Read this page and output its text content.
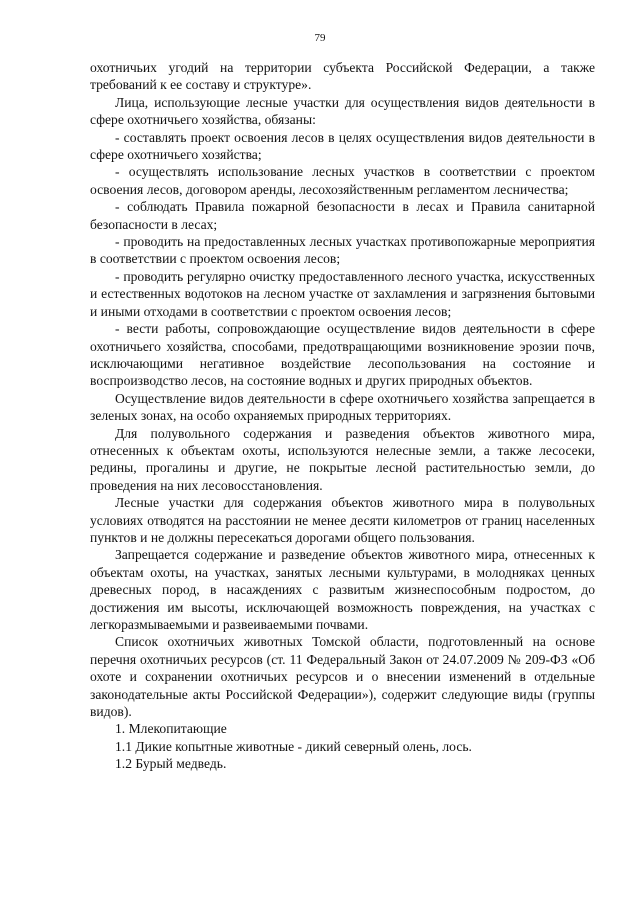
79

охотничьих угодий на территории субъекта Российской Федерации, а также требований к ее составу и структуре».

Лица, использующие лесные участки для осуществления видов деятельности в сфере охотничьего хозяйства, обязаны:

- составлять проект освоения лесов в целях осуществления видов деятельности в сфере охотничьего хозяйства;

- осуществлять использование лесных участков в соответствии с проектом освоения лесов, договором аренды, лесохозяйственным регламентом лесничества;

- соблюдать Правила пожарной безопасности в лесах и Правила санитарной безопасности в лесах;

- проводить на предоставленных лесных участках противопожарные мероприятия в соответствии с проектом освоения лесов;

- проводить регулярно очистку предоставленного лесного участка, искусственных и естественных водотоков на лесном участке от захламления и загрязнения бытовыми и иными отходами в соответствии с проектом освоения лесов;

- вести работы, сопровождающие осуществление видов деятельности в сфере охотничьего хозяйства, способами, предотвращающими возникновение эрозии почв, исключающими негативное воздействие лесопользования на состояние и воспроизводство лесов, на состояние водных и других природных объектов.

Осуществление видов деятельности в сфере охотничьего хозяйства запрещается в зеленых зонах, на особо охраняемых природных территориях.

Для полувольного содержания и разведения объектов животного мира, отнесенных к объектам охоты, используются нелесные земли, а также лесосеки, редины, прогалины и другие, не покрытые лесной растительностью земли, до проведения на них лесовосстановления.

Лесные участки для содержания объектов животного мира в полувольных условиях отводятся на расстоянии не менее десяти километров от границ населенных пунктов и не должны пересекаться дорогами общего пользования.

Запрещается содержание и разведение объектов животного мира, отнесенных к объектам охоты, на участках, занятых лесными культурами, в молодняках ценных древесных пород, в насаждениях с развитым жизнеспособным подростом, до достижения им высоты, исключающей возможность повреждения, на участках с легкоразмываемыми и развеиваемыми почвами.

Список охотничьих животных Томской области, подготовленный на основе перечня охотничьих ресурсов (ст. 11 Федеральный Закон от 24.07.2009 № 209-ФЗ «Об охоте и сохранении охотничьих ресурсов и о внесении изменений в отдельные законодательные акты Российской Федерации»), содержит следующие виды (группы видов).

1. Млекопитающие

1.1 Дикие копытные животные - дикий северный олень, лось.

1.2 Бурый медведь.
